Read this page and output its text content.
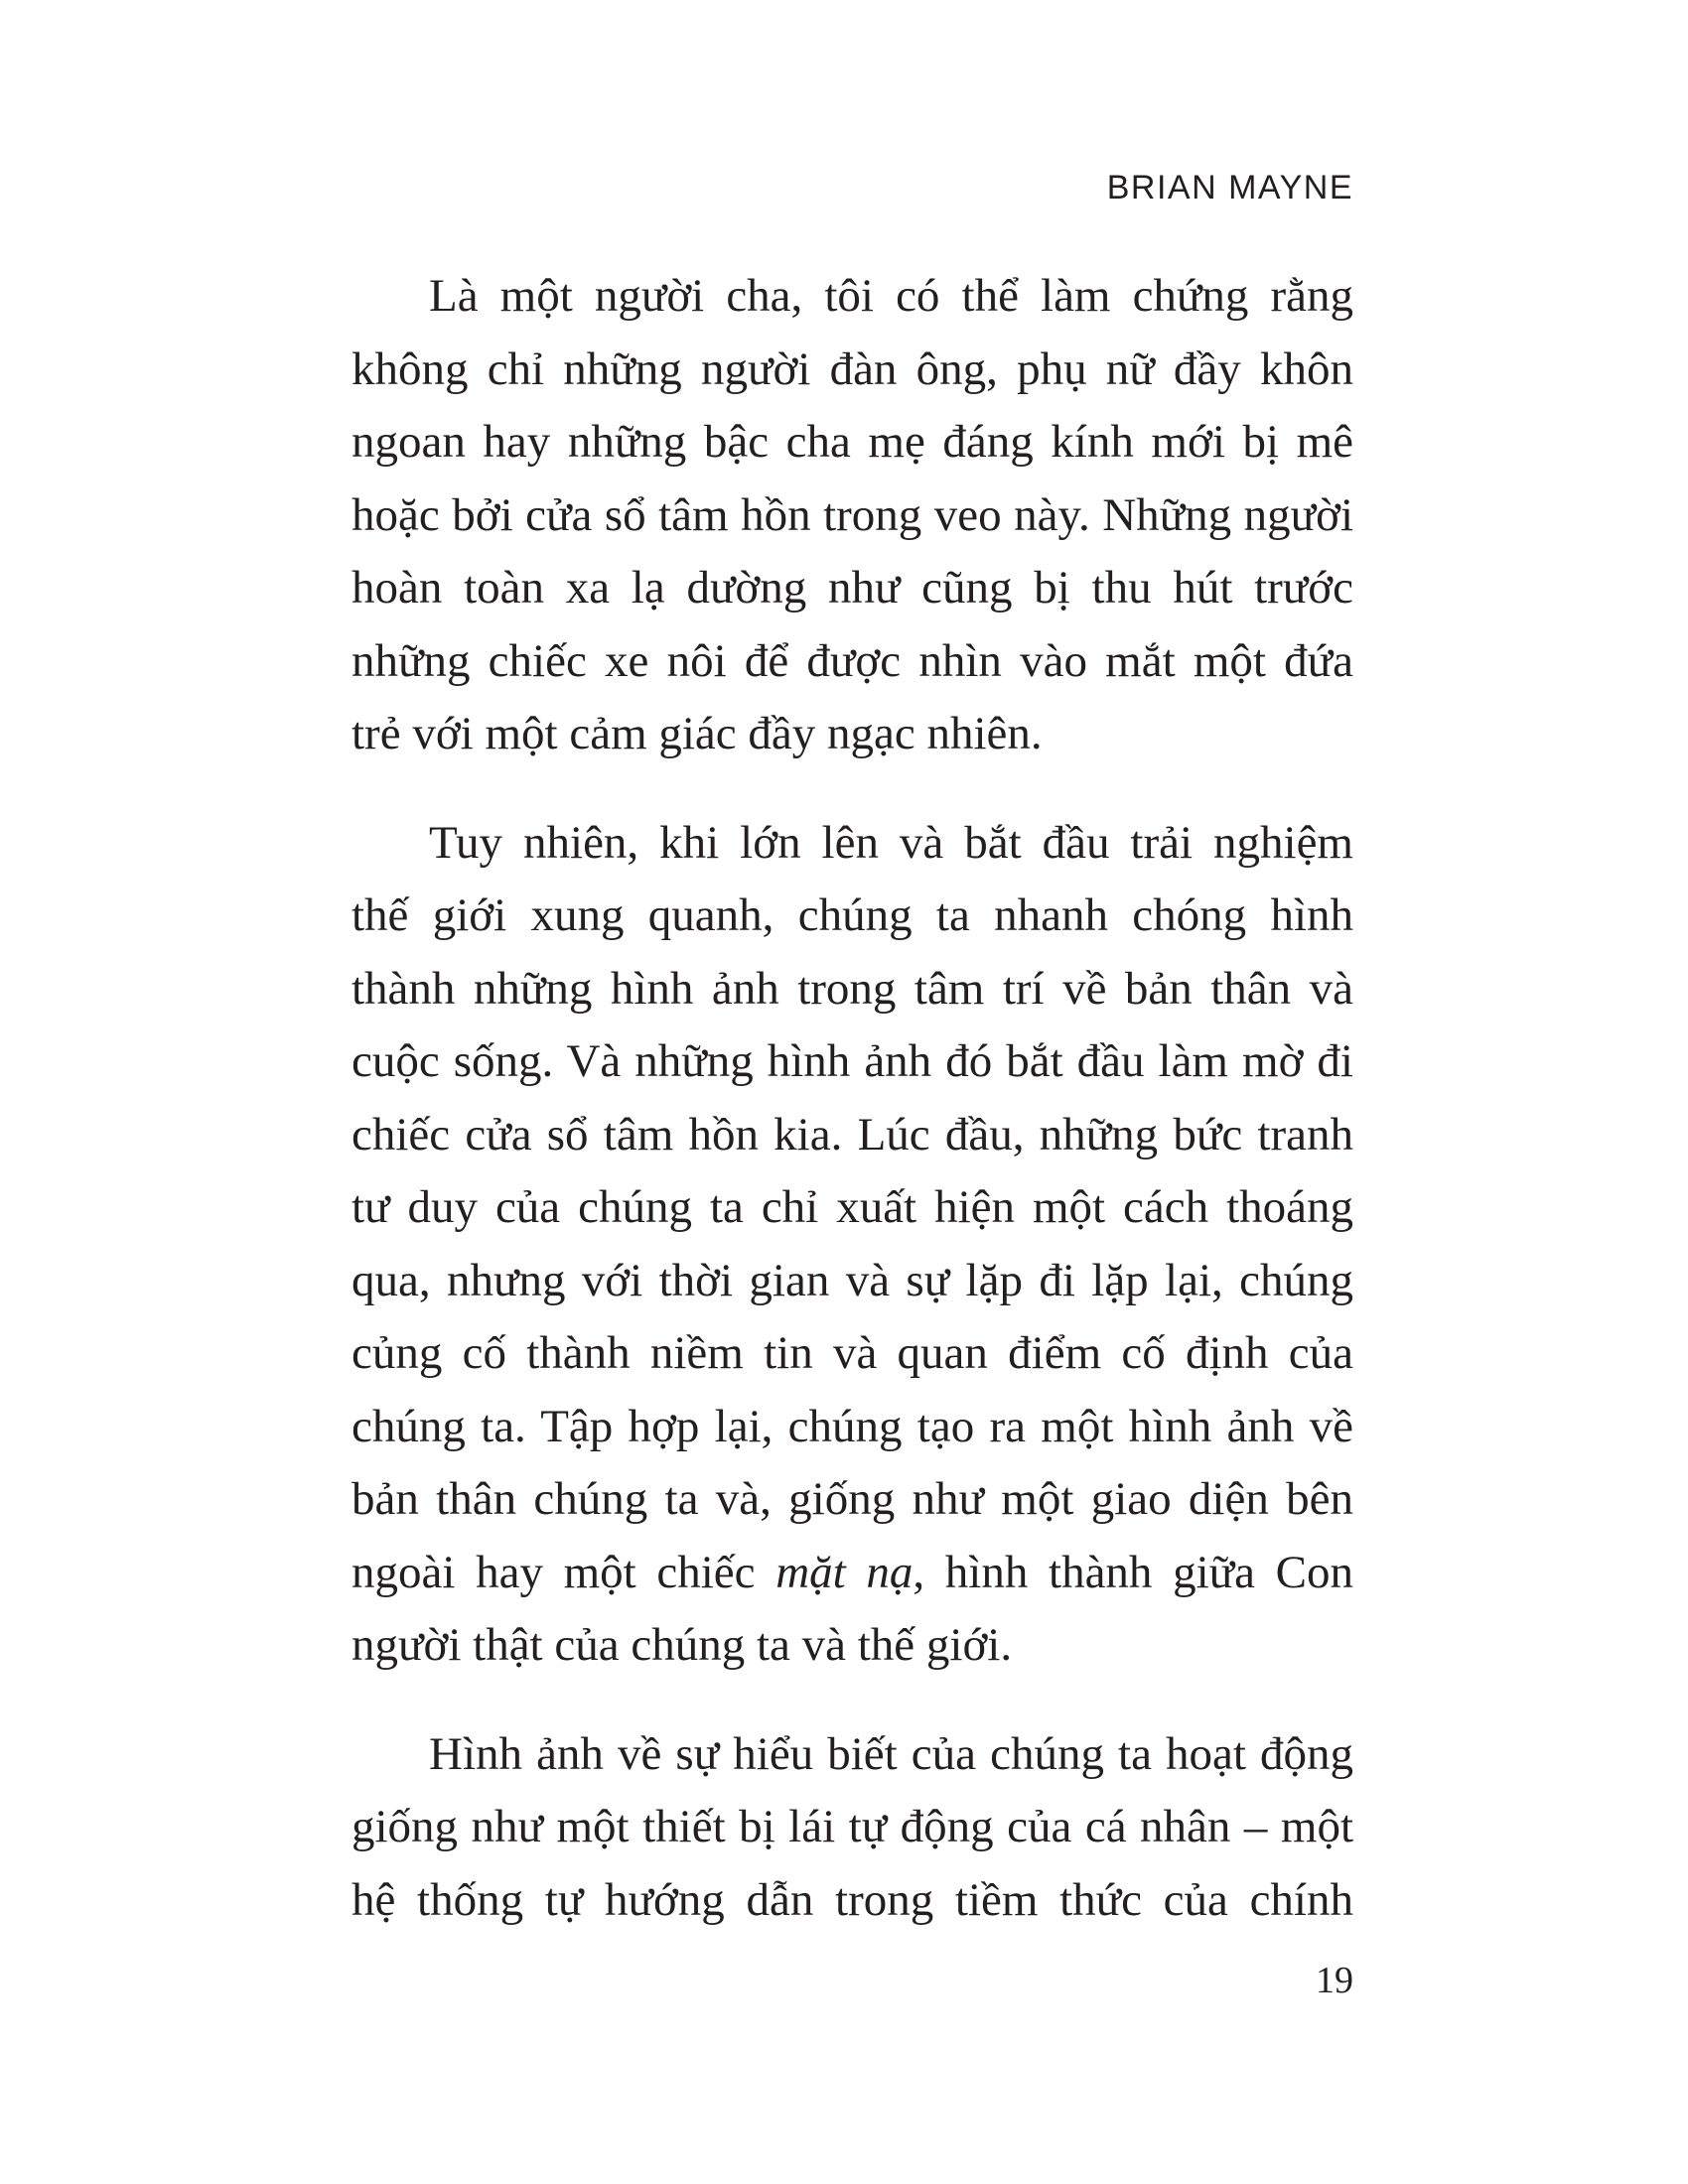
BRIAN MAYNE
Là một người cha, tôi có thể làm chứng rằng
không chỉ những người đàn ông, phụ nữ đầy khôn
ngoan hay những bậc cha mẹ đáng kính mới bị mê
hoặc bởi cửa sổ tâm hồn trong veo này. Những người
hoàn toàn xa lạ dường như cũng bị thu hút trước
những chiếc xe nôi để được nhìn vào mắt một đứa
trẻ với một cảm giác đầy ngạc nhiên.
Tuy nhiên, khi lớn lên và bắt đầu trải nghiệm
thế giới xung quanh, chúng ta nhanh chóng hình
thành những hình ảnh trong tâm trí về bản thân và
cuộc sống. Và những hình ảnh đó bắt đầu làm mờ đi
chiếc cửa sổ tâm hồn kia. Lúc đầu, những bức tranh
tư duy của chúng ta chỉ xuất hiện một cách thoáng
qua, nhưng với thời gian và sự lặp đi lặp lại, chúng
củng cố thành niềm tin và quan điểm cố định của
chúng ta. Tập hợp lại, chúng tạo ra một hình ảnh về
bản thân chúng ta và, giống như một giao diện bên
ngoài hay một chiếc mặt nạ, hình thành giữa Con
người thật của chúng ta và thế giới.
Hình ảnh về sự hiểu biết của chúng ta hoạt động
giống như một thiết bị lái tự động của cá nhân – một
hệ thống tự hướng dẫn trong tiềm thức của chính
19
